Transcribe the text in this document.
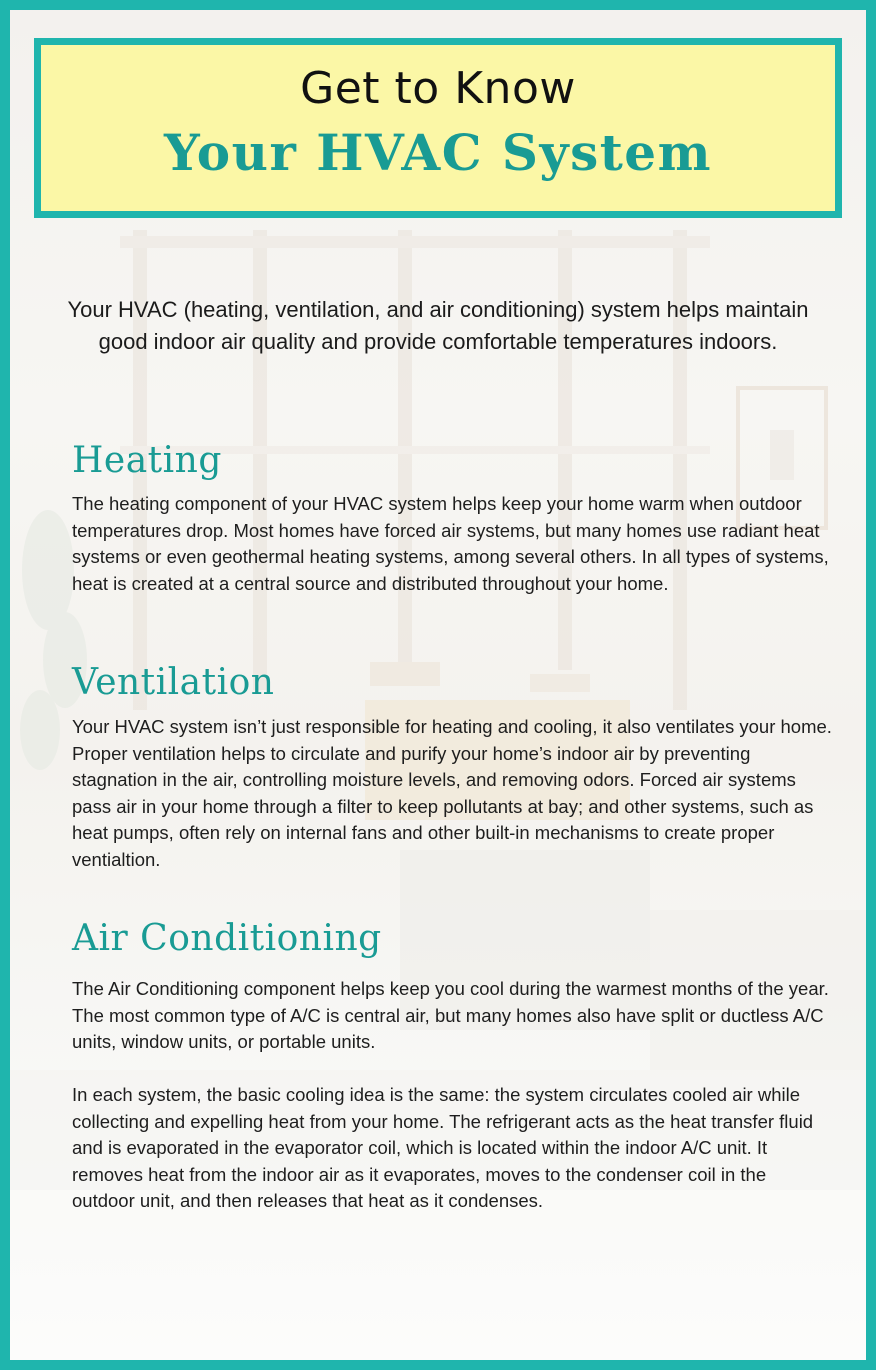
Get to Know
Your HVAC System
Your HVAC (heating, ventilation, and air conditioning) system helps maintain good indoor air quality and provide comfortable temperatures indoors.
Heating
The heating component of your HVAC system helps keep your home warm when outdoor temperatures drop. Most homes have forced air systems, but many homes use radiant heat systems or even geothermal heating systems, among several others. In all types of systems, heat is created at a central source and distributed throughout your home.
Ventilation
Your HVAC system isn’t just responsible for heating and cooling, it also ventilates your home. Proper ventilation helps to circulate and purify your home’s indoor air by preventing stagnation in the air, controlling moisture levels, and removing odors. Forced air systems pass air in your home through a filter to keep pollutants at bay; and other systems, such as heat pumps, often rely on internal fans and other built-in mechanisms to create proper ventialtion.
Air Conditioning
The Air Conditioning component helps keep you cool during the warmest months of the year. The most common type of A/C is central air, but many homes also have split or ductless A/C units, window units, or portable units.
In each system, the basic cooling idea is the same: the system circulates cooled air while collecting and expelling heat from your home. The refrigerant acts as the heat transfer fluid and is evaporated in the evaporator coil, which is located within the indoor A/C unit. It removes heat from the indoor air as it evaporates, moves to the condenser coil in the outdoor unit, and then releases that heat as it condenses.
